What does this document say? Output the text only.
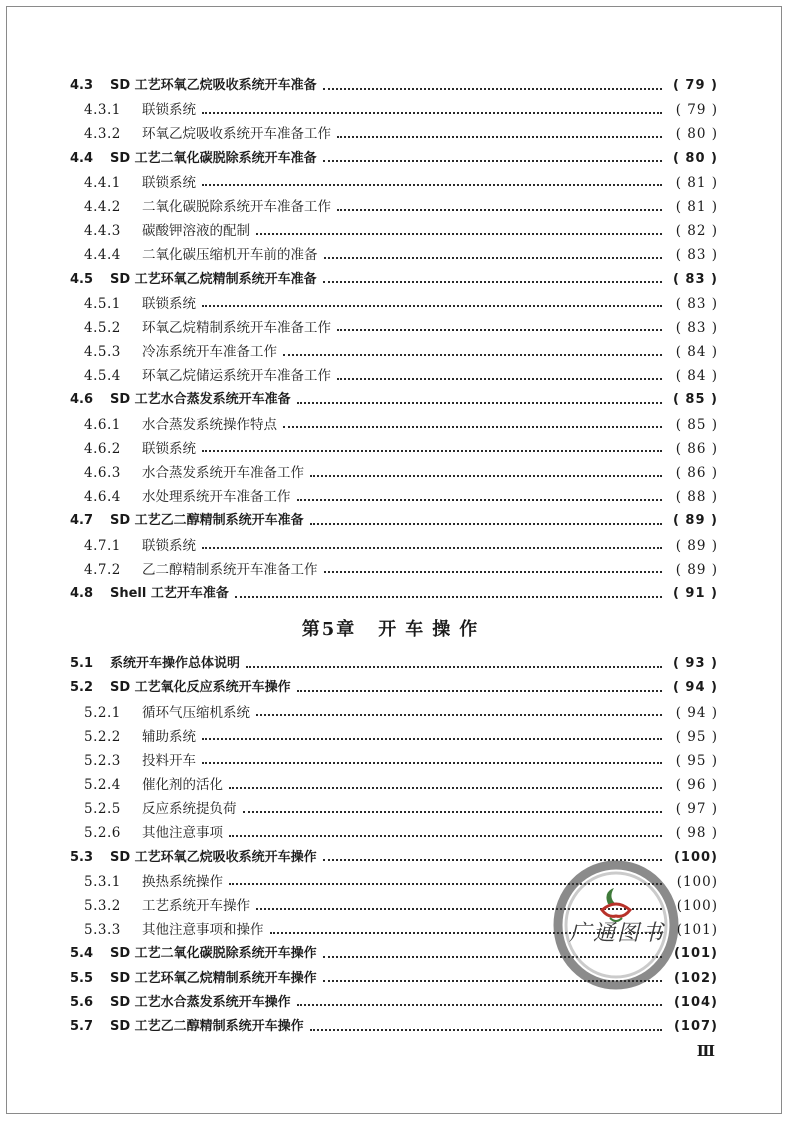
4.3	SD 工艺环氧乙烷吸收系统开车准备	( 79 )
4.3.1	联锁系统	( 79 )
4.3.2	环氧乙烷吸收系统开车准备工作	( 80 )
4.4	SD 工艺二氧化碳脱除系统开车准备	( 80 )
4.4.1	联锁系统	( 81 )
4.4.2	二氧化碳脱除系统开车准备工作	( 81 )
4.4.3	碳酸钾溶液的配制	( 82 )
4.4.4	二氧化碳压缩机开车前的准备	( 83 )
4.5	SD 工艺环氧乙烷精制系统开车准备	( 83 )
4.5.1	联锁系统	( 83 )
4.5.2	环氧乙烷精制系统开车准备工作	( 83 )
4.5.3	冷冻系统开车准备工作	( 84 )
4.5.4	环氧乙烷储运系统开车准备工作	( 84 )
4.6	SD 工艺水合蒸发系统开车准备	( 85 )
4.6.1	水合蒸发系统操作特点	( 85 )
4.6.2	联锁系统	( 86 )
4.6.3	水合蒸发系统开车准备工作	( 86 )
4.6.4	水处理系统开车准备工作	( 88 )
4.7	SD 工艺乙二醇精制系统开车准备	( 89 )
4.7.1	联锁系统	( 89 )
4.7.2	乙二醇精制系统开车准备工作	( 89 )
4.8	Shell 工艺开车准备	( 91 )
第5章 开车操作
5.1	系统开车操作总体说明	( 93 )
5.2	SD 工艺氧化反应系统开车操作	( 94 )
5.2.1	循环气压缩机系统	( 94 )
5.2.2	辅助系统	( 95 )
5.2.3	投料开车	( 95 )
5.2.4	催化剂的活化	( 96 )
5.2.5	反应系统提负荷	( 97 )
5.2.6	其他注意事项	( 98 )
5.3	SD 工艺环氧乙烷吸收系统开车操作	(100)
5.3.1	换热系统操作	(100)
5.3.2	工艺系统开车操作	(100)
5.3.3	其他注意事项和操作	(101)
5.4	SD 工艺二氧化碳脱除系统开车操作	(101)
5.5	SD 工艺环氧乙烷精制系统开车操作	(102)
5.6	SD 工艺水合蒸发系统开车操作	(104)
5.7	SD 工艺乙二醇精制系统开车操作	(107)
广通图书
Ⅲ
